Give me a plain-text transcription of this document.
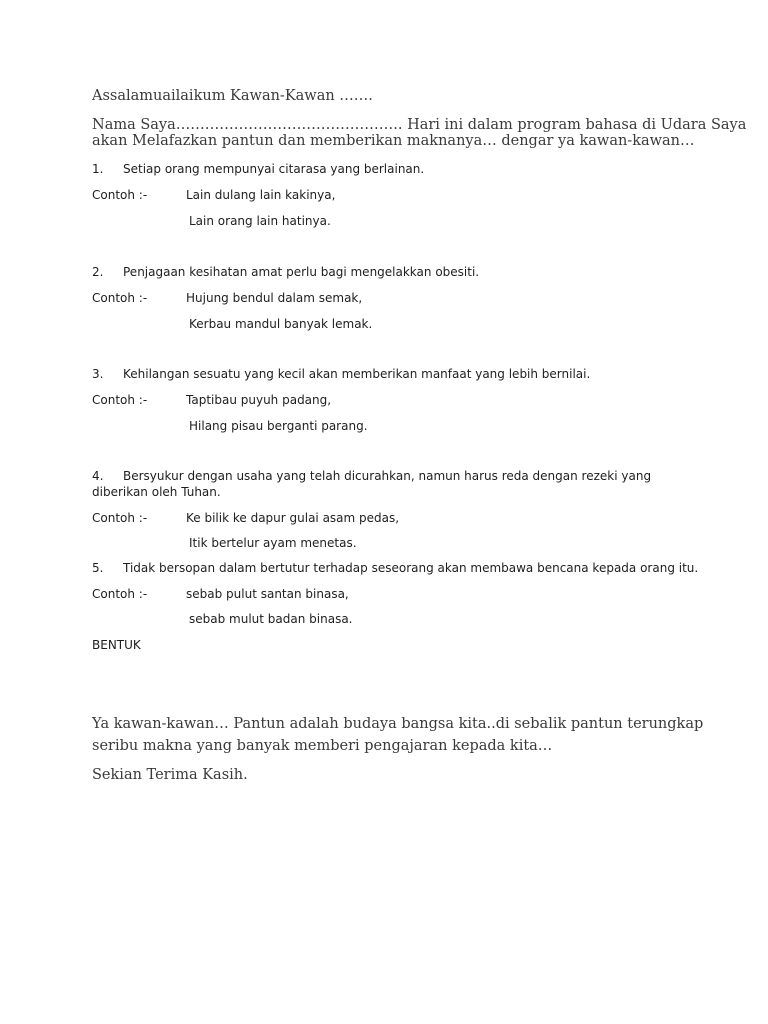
Assalamuailaikum Kawan-Kawan …….
Nama Saya……………………………………….. Hari ini dalam program bahasa di Udara Saya
akan Melafazkan pantun dan memberikan maknanya… dengar ya kawan-kawan…
1. Setiap orang mempunyai citarasa yang berlainan.
Contoh :-	Lain dulang lain kakinya,
Lain orang lain hatinya.
2. Penjagaan kesihatan amat perlu bagi mengelakkan obesiti.
Contoh :-	Hujung bendul dalam semak,
Kerbau mandul banyak lemak.
3. Kehilangan sesuatu yang kecil akan memberikan manfaat yang lebih bernilai.
Contoh :-	Taptibau puyuh padang,
Hilang pisau berganti parang.
4. Bersyukur dengan usaha yang telah dicurahkan, namun harus reda dengan rezeki yang
diberikan oleh Tuhan.
Contoh :-	Ke bilik ke dapur gulai asam pedas,
Itik bertelur ayam menetas.
5. Tidak bersopan dalam bertutur terhadap seseorang akan membawa bencana kepada orang itu.
Contoh :-	sebab pulut santan binasa,
sebab mulut badan binasa.
BENTUK
Ya kawan-kawan… Pantun adalah budaya bangsa kita..di sebalik pantun terungkap
seribu makna yang banyak memberi pengajaran kepada kita…
Sekian Terima Kasih.
